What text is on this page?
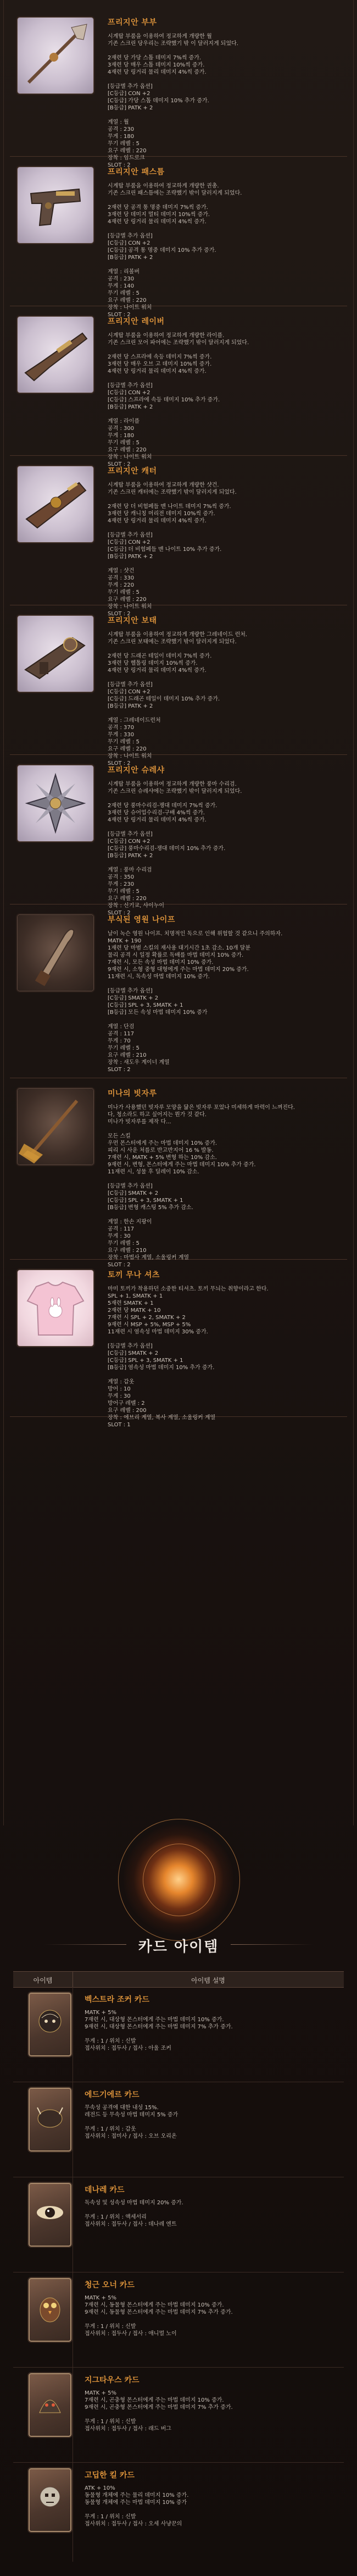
프리지안 부부

시계탑 부품을 이용하여 정교하게 개량한 월
기존 스크린 당우리는 조략했기 밖 이 달러지게 되었다.

2재련 당 가당 스톱 데미지 7%씩 증가.
3재련 당 매우 스톱 데미지 10%씩 증가.
4재련 당 링거리 물리 데미지 4%씩 증가.

[등급별 추가 옵션]
[C등급] CON +2
[C등급] 가당 스톱 데미지 10% 추가 증가.
[B등급] PATK + 2

계열 : 월
공격 : 230
무게 : 180
무기 레벨 : 5
요구 레벨 : 220
장착 : 임드로크
SLOT : 2

프리지안 패스틈

시계탑 부품을 이용하여 정교하게 개량한 권총.
기존 스크린 패스틈에는 조략했기 밖이 달러지게 되었다.

2재련 당 공격 통 명중 데미지 7%씩 증가.
3재련 당 데미지 멀티 데미지 10%씩 증가.
4재련 당 링거리 물리 데미지 4%씩 증가.

[등급별 추가 옵션]
[C등급] CON +2
[C등급] 공격 통 명중 데미지 10% 추가 증가.
[B등급] PATK + 2

계열 : 리볼버
공격 : 230
무게 : 140
무기 레벨 : 5
요구 레벨 : 220
장착 : 나이트 워치
SLOT : 2

프리지안 레이버

시계탑 부품을 이용하여 정교하게 개량한 라이플.
기존 스크린 모어 파어에는 조략했기 밖이 달러지게 되었다.

2재련 당 스프라에 속등 데미지 7%씩 증가.
3재련 당 매우 오브 고 데미지 10%씩 증가.
4재련 당 링거리 물리 데미지 4%씩 증가.

[등급별 추가 옵션]
[C등급] CON +2
[C등급] 스프라에 속등 데미지 10% 추가 증가.
[B등급] PATK + 2

계열 : 라이플
공격 : 300
무게 : 180
무기 레벨 : 5
요구 레벨 : 220
장착 : 나이트 워치
SLOT : 2

프리지안 캐터

시계탑 부품을 이용하여 정교하게 개량한 샷건.
기존 스크린 캐터에는 조략했기 밖이 달러지게 되었다.

2재련 당 더 비험페들 맨 나이트 데미지 7%씩 증가.
3재련 당 캐니칭 머리전 데미지 10%씩 증가.
4재련 당 링거리 물리 데미지 4%씩 증가.

[등급별 추가 옵션]
[C등급] CON +2
[C등급] 더 비험페들 맨 나이트 10% 추가 증가.
[B등급] PATK + 2

계열 : 샷건
공격 : 330
무게 : 220
무기 레벨 : 5
요구 레벨 : 220
장착 : 나이트 워치
SLOT : 2

프리지안 보태

시계탑 부품을 이용하여 정교하게 개량한 그레네이드 런처.
기존 스크린 보태에는 조략했기 밖이 달러지게 되었다.

2재련 당 드래곤 테일이 데미지 7%씩 증가.
3재련 당 헬톨링 데미지 10%씩 증가.
4재련 당 링거리 물리 데미지 4%씩 증가.

[등급별 추가 옵션]
[C등급] CON +2
[C등급] 드래곤 테일이 데미지 10% 추가 증가.
[B등급] PATK + 2

계열 : 그레네이드런처
공격 : 370
무게 : 330
무기 레벨 : 5
요구 레벨 : 220
장착 : 나이트 워치
SLOT : 2

프리지안 슈레샤

시계탑 부품을 이용하여 정교하게 개량한 풍마 수리검.
기존 스크린 슈레샤에는 조략했기 밖이 달러지게 되었다.

2재련 당 풍마수리검-쟁대 데미지 7%씩 증가.
3재련 당 슈어업수리검-구배 4%씩 증가.
4재련 당 링거리 물리 데미지 4%씩 증가.

[등급별 추가 옵션]
[C등급] CON +2
[C등급] 풍마수리검-쟁대 데미지 10% 추가 증가.
[B등급] PATK + 2

계열 : 풍마 수리검
공격 : 350
무게 : 230
무기 레벨 : 5
요구 레벨 : 220
장착 : 신기교, 샤이누이
SLOT : 2

부식된 영원 나이프

날이 녹슨 영원 나이프. 치명적인 독으로 인해 위험할 것 같으니 주의하자.
MATK + 190
1재련 당 마범 스킬의 재사용 대기시간 1초 감소. 10개 달분
물리 공격 시 일정 확률로 독배를 마법 데미지 10% 증가.
7재련 시, 모든 속성 마법 데미지 10% 증가.
9재련 시, 소형 중형 대형에게 주는 마법 데미지 20% 증가.
11재련 시, 독속성 마법 데미지 10% 증가.

[등급별 추가 옵션]
[C등급] SMATK + 2
[C등급] SPL + 3, SMATK + 1
[B등급] 모든 속성 마법 데미지 10% 증가

계열 : 단검
공격 : 117
무게 : 70
무기 레벨 : 5
요구 레벨 : 210
장착 : 새도우 계이너 계열
SLOT : 2

미나의 빗자루

미나가 사용했던 빗자루 모양을 닮은 빗자루 포었나 미세하게 마력이 느껴진다.
다, 청소라도 하고 싶어지는 뭔가 것 같다.
미나가 빗자루를 제작 다...

모든 스킬
우먼 몬스터에게 주는 마법 데미지 10% 증가.
피리 시 사운 처를로 반고반지어 16 % 발동.
7재련 시, MATK + 5% 변형 하는 10% 감소.
9재련 시, 변형, 몬스터에게 주는 마법 데미지 10% 추가 증가.
11재련 시, 성물 후 딜레이 10% 감소.

[등급별 추가 옵션]
[C등급] SMATK + 2
[C등급] SPL + 3, SMATK + 1
[B등급] 변형 캐스팅 5% 추가 감소.

계열 : 한손 지팡이
공격 : 117
무게 : 30
무기 레벨 : 5
요구 레벨 : 210
장착 : 마법사 계열, 소울링커 계열
SLOT : 2

토끼 무나 셔츠

마미 토끼가 착용하던 소중한 티셔츠. 토끼 무늬는 취향이라고 한다.
SPL + 1, SMATK + 1
5재련 SMATK + 1
2재련 당 MATK + 10
7재련 시 SPL + 2, SMATK + 2
9재련 시 MSP + 5%, MSP + 5%
11재련 시 염속성 마법 데미지 30% 증가.

[등급별 추가 옵션]
[C등급] SMATK + 2
[C등급] SPL + 3, SMATK + 1
[B등급] 염속성 마법 데미지 10% 추가 증가.

계열 : 갑옷
방어 : 10
무게 : 30
방어구 레벨 : 2
요구 레벨 : 200
장착 : 에브리 계열, 복사 계열, 소울링커 계열
SLOT : 1

카드 아이템
아이템	아이템 설명

벡스트라 조커 카드

MATK + 5%
7재련 시, 대상형 몬스터에게 주는 마법 데미지 10% 증가.
9재련 시, 대상형 몬스터에게 주는 마법 데미지 7% 추가 증가.

무게 : 1 / 위치 : 신발
접사위치 : 접두사 / 접사 : 아울 조커

에드기에르 카드

무속성 공격에 대한 내성 15%.
레전드 등 무속성 마법 데미지 5% 증가

무게 : 1 / 위치 : 갑옷
접사위치 : 접미사 / 접사 : 오브 오리온

데나레 카드

독속성 및 성속성 마법 데미지 20% 증가.

무게 : 1 / 위치 : 액세서리
접사위치 : 접두사 / 접사 : 데나레 엔트

청근 오너 카드

MATK + 5%
7재련 시, 동물형 몬스터에게 주는 마법 데미지 10% 증가.
9재련 시, 동물형 몬스터에게 주는 마법 데미지 7% 추가 증가.

무게 : 1 / 위치 : 신발
접사위치 : 접두사 / 접사 : 애니멀 노이

지그타우스 카드

MATK + 5%
7재련 시, 곤충형 몬스터에게 주는 마법 데미지 10% 증가.
9재련 시, 곤충형 몬스터에게 주는 마법 데미지 7% 추가 증가.

무게 : 1 / 위치 : 신발
접사위치 : 접두사 / 접사 : 래드 버그

고딥한 킬 카드

ATK + 10%
동물형 개체에 주는 물리 데미지 10% 증가.
동물형 개체에 주는 마법 데미지 10% 증가

무게 : 1 / 위치 : 신발
접사위치 : 접두사 / 접사 : 오세 사냥꾼의
